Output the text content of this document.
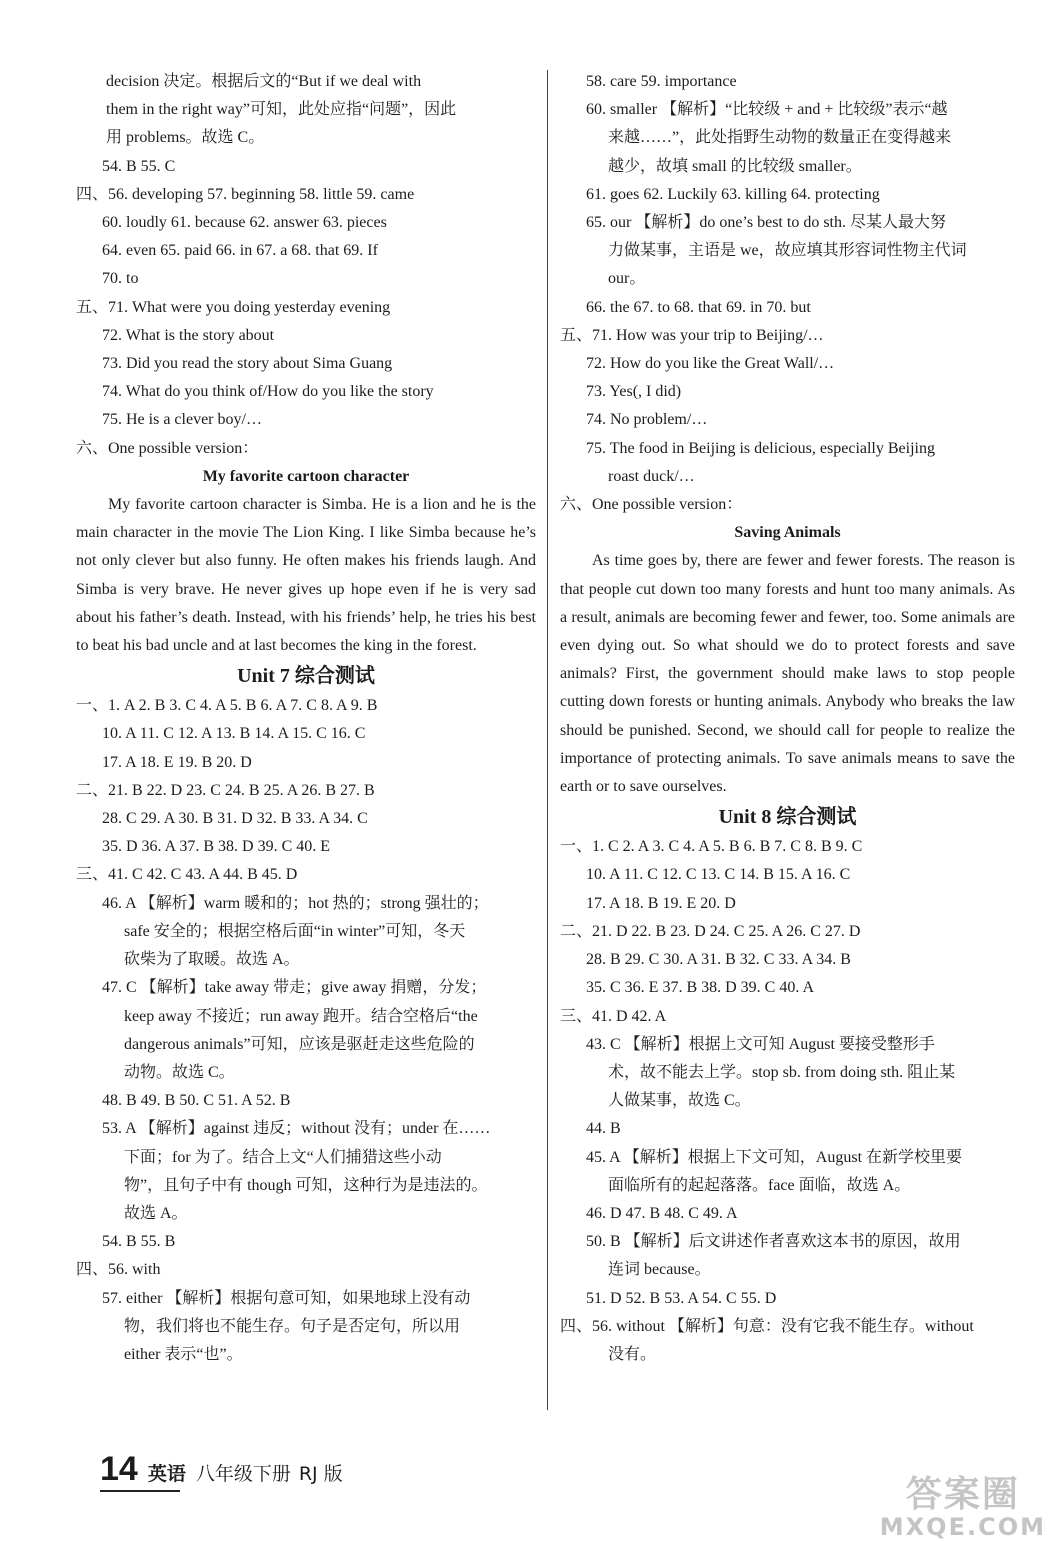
decision 决定。根据后文的“But if we deal with
them in the right way”可知，此处应指“问题”，因此
用 problems。故选 C。
54. B 55. C
四、56. developing 57. beginning 58. little 59. came
60. loudly 61. because 62. answer 63. pieces
64. even 65. paid 66. in 67. a 68. that 69. If
70. to
五、71. What were you doing yesterday evening
72. What is the story about
73. Did you read the story about Sima Guang
74. What do you think of/How do you like the story
75. He is a clever boy/…
六、One possible version：
My favorite cartoon character
My favorite cartoon character is Simba. He is a lion and he is the main character in the movie The Lion King. I like Simba because he’s not only clever but also funny. He often makes his friends laugh. And Simba is very brave. He never gives up hope even if he is very sad about his father’s death. Instead, with his friends’ help, he tries his best to beat his bad uncle and at last becomes the king in the forest.
Unit 7 综合测试
一、1. A 2. B 3. C 4. A 5. B 6. A 7. C 8. A 9. B
10. A 11. C 12. A 13. B 14. A 15. C 16. C
17. A 18. E 19. B 20. D
二、21. B 22. D 23. C 24. B 25. A 26. B 27. B
28. C 29. A 30. B 31. D 32. B 33. A 34. C
35. D 36. A 37. B 38. D 39. C 40. E
三、41. C 42. C 43. A 44. B 45. D
46. A 【解析】warm 暖和的；hot 热的；strong 强壮的；
safe 安全的；根据空格后面“in winter”可知，冬天
砍柴为了取暖。故选 A。
47. C 【解析】take away 带走；give away 捐赠，分发；
keep away 不接近；run away 跑开。结合空格后“the
dangerous animals”可知，应该是驱赶走这些危险的
动物。故选 C。
48. B 49. B 50. C 51. A 52. B
53. A 【解析】against 违反；without 没有；under 在……
下面；for 为了。结合上文“人们捕猎这些小动
物”，且句子中有 though 可知，这种行为是违法的。
故选 A。
54. B 55. B
四、56. with
57. either 【解析】根据句意可知，如果地球上没有动
物，我们将也不能生存。句子是否定句，所以用
either 表示“也”。
58. care 59. importance
60. smaller 【解析】“比较级 + and + 比较级”表示“越
来越……”，此处指野生动物的数量正在变得越来
越少，故填 small 的比较级 smaller。
61. goes 62. Luckily 63. killing 64. protecting
65. our 【解析】do one’s best to do sth. 尽某人最大努
力做某事，主语是 we，故应填其形容词性物主代词
our。
66. the 67. to 68. that 69. in 70. but
五、71. How was your trip to Beijing/…
72. How do you like the Great Wall/…
73. Yes(, I did)
74. No problem/…
75. The food in Beijing is delicious, especially Beijing
roast duck/…
六、One possible version：
Saving Animals
As time goes by, there are fewer and fewer forests. The reason is that people cut down too many forests and hunt too many animals. As a result, animals are becoming fewer and fewer, too. Some animals are even dying out. So what should we do to protect forests and save animals? First, the government should make laws to stop people cutting down forests or hunting animals. Anybody who breaks the law should be punished. Second, we should call for people to realize the importance of protecting animals. To save animals means to save the earth or to save ourselves.
Unit 8 综合测试
一、1. C 2. A 3. C 4. A 5. B 6. B 7. C 8. B 9. C
10. A 11. C 12. C 13. C 14. B 15. A 16. C
17. A 18. B 19. E 20. D
二、21. D 22. B 23. D 24. C 25. A 26. C 27. D
28. B 29. C 30. A 31. B 32. C 33. A 34. B
35. C 36. E 37. B 38. D 39. C 40. A
三、41. D 42. A
43. C 【解析】根据上文可知 August 要接受整形手
术，故不能去上学。stop sb. from doing sth. 阻止某
人做某事，故选 C。
44. B
45. A 【解析】根据上下文可知，August 在新学校里要
面临所有的起起落落。face 面临，故选 A。
46. D 47. B 48. C 49. A
50. B 【解析】后文讲述作者喜欢这本书的原因，故用
连词 because。
51. D 52. B 53. A 54. C 55. D
四、56. without 【解析】句意：没有它我不能生存。without
没有。
14 英语 八年级下册 RJ 版	答案圈
MXQE.COM
